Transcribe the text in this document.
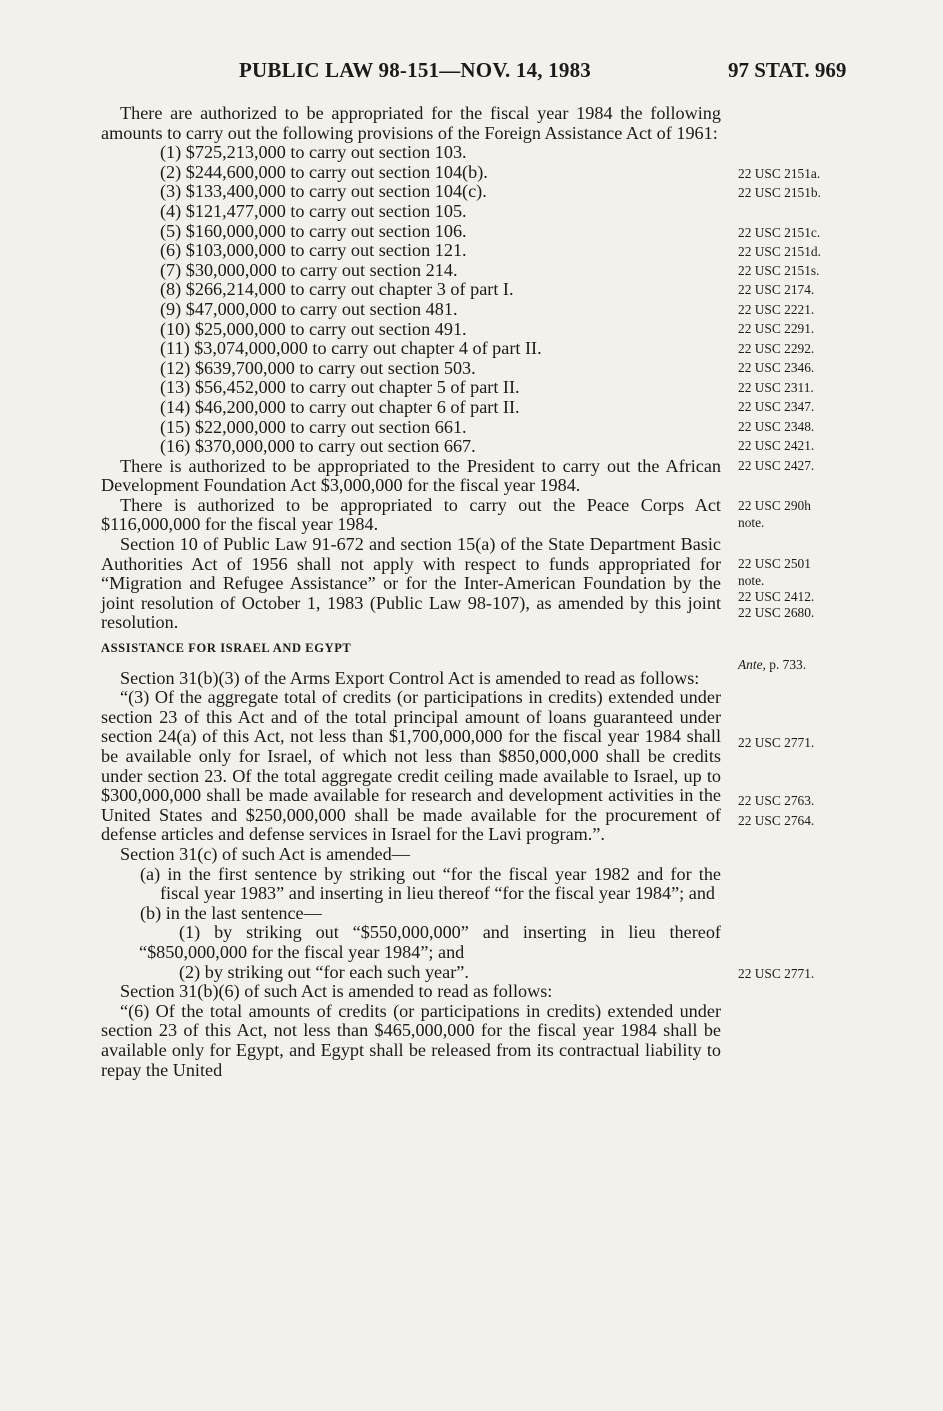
PUBLIC LAW 98-151—NOV. 14, 1983	97 STAT. 969

There are authorized to be appropriated for the fiscal year 1984 the following amounts to carry out the following provisions of the Foreign Assistance Act of 1961:

(1) $725,213,000 to carry out section 103.

(2) $244,600,000 to carry out section 104(b).

(3) $133,400,000 to carry out section 104(c).

(4) $121,477,000 to carry out section 105.

(5) $160,000,000 to carry out section 106.

(6) $103,000,000 to carry out section 121.

(7) $30,000,000 to carry out section 214.

(8) $266,214,000 to carry out chapter 3 of part I.

(9) $47,000,000 to carry out section 481.

(10) $25,000,000 to carry out section 491.

(11) $3,074,000,000 to carry out chapter 4 of part II.

(12) $639,700,000 to carry out section 503.

(13) $56,452,000 to carry out chapter 5 of part II.

(14) $46,200,000 to carry out chapter 6 of part II.

(15) $22,000,000 to carry out section 661.

(16) $370,000,000 to carry out section 667.

There is authorized to be appropriated to the President to carry out the African Development Foundation Act $3,000,000 for the fiscal year 1984.

There is authorized to be appropriated to carry out the Peace Corps Act $116,000,000 for the fiscal year 1984.

Section 10 of Public Law 91-672 and section 15(a) of the State Department Basic Authorities Act of 1956 shall not apply with respect to funds appropriated for “Migration and Refugee Assistance” or for the Inter-American Foundation by the joint resolution of October 1, 1983 (Public Law 98-107), as amended by this joint resolution.

ASSISTANCE FOR ISRAEL AND EGYPT

Section 31(b)(3) of the Arms Export Control Act is amended to read as follows:

“(3) Of the aggregate total of credits (or participations in credits) extended under section 23 of this Act and of the total principal amount of loans guaranteed under section 24(a) of this Act, not less than $1,700,000,000 for the fiscal year 1984 shall be available only for Israel, of which not less than $850,000,000 shall be credits under section 23. Of the total aggregate credit ceiling made available to Israel, up to $300,000,000 shall be made available for research and development activities in the United States and $250,000,000 shall be made available for the procurement of defense articles and defense services in Israel for the Lavi program.”.

Section 31(c) of such Act is amended—

(a) in the first sentence by striking out “for the fiscal year 1982 and for the fiscal year 1983” and inserting in lieu thereof “for the fiscal year 1984”; and

(b) in the last sentence—

(1) by striking out “$550,000,000” and inserting in lieu thereof “$850,000,000 for the fiscal year 1984”; and

(2) by striking out “for each such year”.

Section 31(b)(6) of such Act is amended to read as follows:

“(6) Of the total amounts of credits (or participations in credits) extended under section 23 of this Act, not less than $465,000,000 for the fiscal year 1984 shall be available only for Egypt, and Egypt shall be released from its contractual liability to repay the United

22 USC 2151a.
22 USC 2151b.
22 USC 2151c.
22 USC 2151d.
22 USC 2151s.
22 USC 2174.
22 USC 2221.
22 USC 2291.
22 USC 2292.
22 USC 2346.
22 USC 2311.
22 USC 2347.
22 USC 2348.
22 USC 2421.
22 USC 2427.
22 USC 290h
note.
22 USC 2501
note.
22 USC 2412.
22 USC 2680.
Ante, p. 733.
22 USC 2771.
22 USC 2763.
22 USC 2764.
22 USC 2771.
